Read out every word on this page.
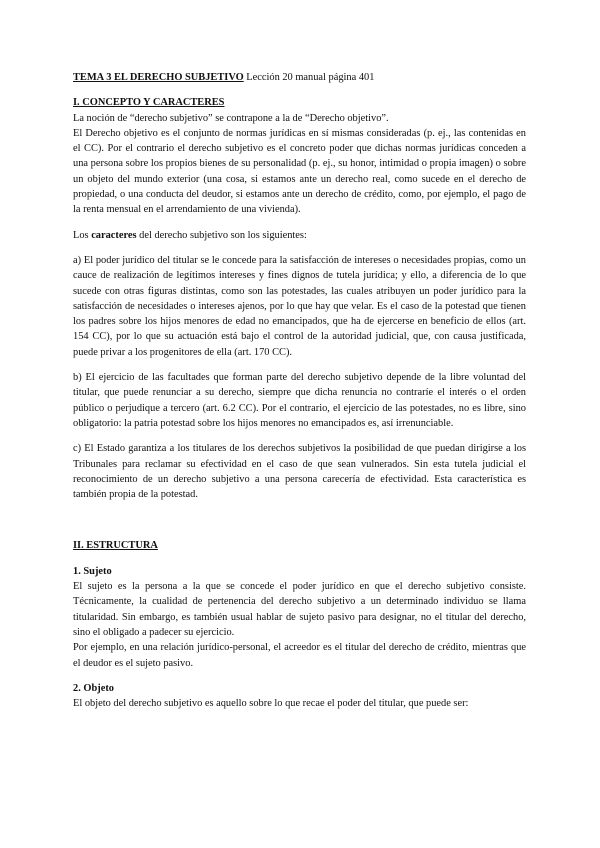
TEMA 3 EL DERECHO SUBJETIVO Lección 20 manual página 401

I. CONCEPTO Y CARACTERES

La noción de “derecho subjetivo” se contrapone a la de “Derecho objetivo”.

El Derecho objetivo es el conjunto de normas jurídicas en sí mismas consideradas (p. ej., las contenidas en el CC). Por el contrario el derecho subjetivo es el concreto poder que dichas normas jurídicas conceden a una persona sobre los propios bienes de su personalidad (p. ej., su honor, intimidad o propia imagen) o sobre un objeto del mundo exterior (una cosa, si estamos ante un derecho real, como sucede en el derecho de propiedad, o una conducta del deudor, si estamos ante un derecho de crédito, como, por ejemplo, el pago de la renta mensual en el arrendamiento de una vivienda).

Los caracteres del derecho subjetivo son los siguientes:

a) El poder jurídico del titular se le concede para la satisfacción de intereses o necesidades propias, como un cauce de realización de legítimos intereses y fines dignos de tutela jurídica; y ello, a diferencia de lo que sucede con otras figuras distintas, como son las potestades, las cuales atribuyen un poder jurídico para la satisfacción de necesidades o intereses ajenos, por lo que hay que velar. Es el caso de la potestad que tienen los padres sobre los hijos menores de edad no emancipados, que ha de ejercerse en beneficio de ellos (art. 154 CC), por lo que su actuación está bajo el control de la autoridad judicial, que, con causa justificada, puede privar a los progenitores de ella (art. 170 CC).

b) El ejercicio de las facultades que forman parte del derecho subjetivo depende de la libre voluntad del titular, que puede renunciar a su derecho, siempre que dicha renuncia no contraríe el interés o el orden público o perjudique a tercero (art. 6.2 CC). Por el contrario, el ejercicio de las potestades, no es libre, sino obligatorio: la patria potestad sobre los hijos menores no emancipados es, así irrenunciable.

c) El Estado garantiza a los titulares de los derechos subjetivos la posibilidad de que puedan dirigirse a los Tribunales para reclamar su efectividad en el caso de que sean vulnerados. Sin esta tutela judicial el reconocimiento de un derecho subjetivo a una persona carecería de efectividad. Esta característica es también propia de la potestad.

II. ESTRUCTURA

1. Sujeto

El sujeto es la persona a la que se concede el poder jurídico en que el derecho subjetivo consiste. Técnicamente, la cualidad de pertenencia del derecho subjetivo a un determinado individuo se llama titularidad. Sin embargo, es también usual hablar de sujeto pasivo para designar, no el titular del derecho, sino el obligado a padecer su ejercicio.

Por ejemplo, en una relación jurídico-personal, el acreedor es el titular del derecho de crédito, mientras que el deudor es el sujeto pasivo.

2. Objeto

El objeto del derecho subjetivo es aquello sobre lo que recae el poder del titular, que puede ser:
